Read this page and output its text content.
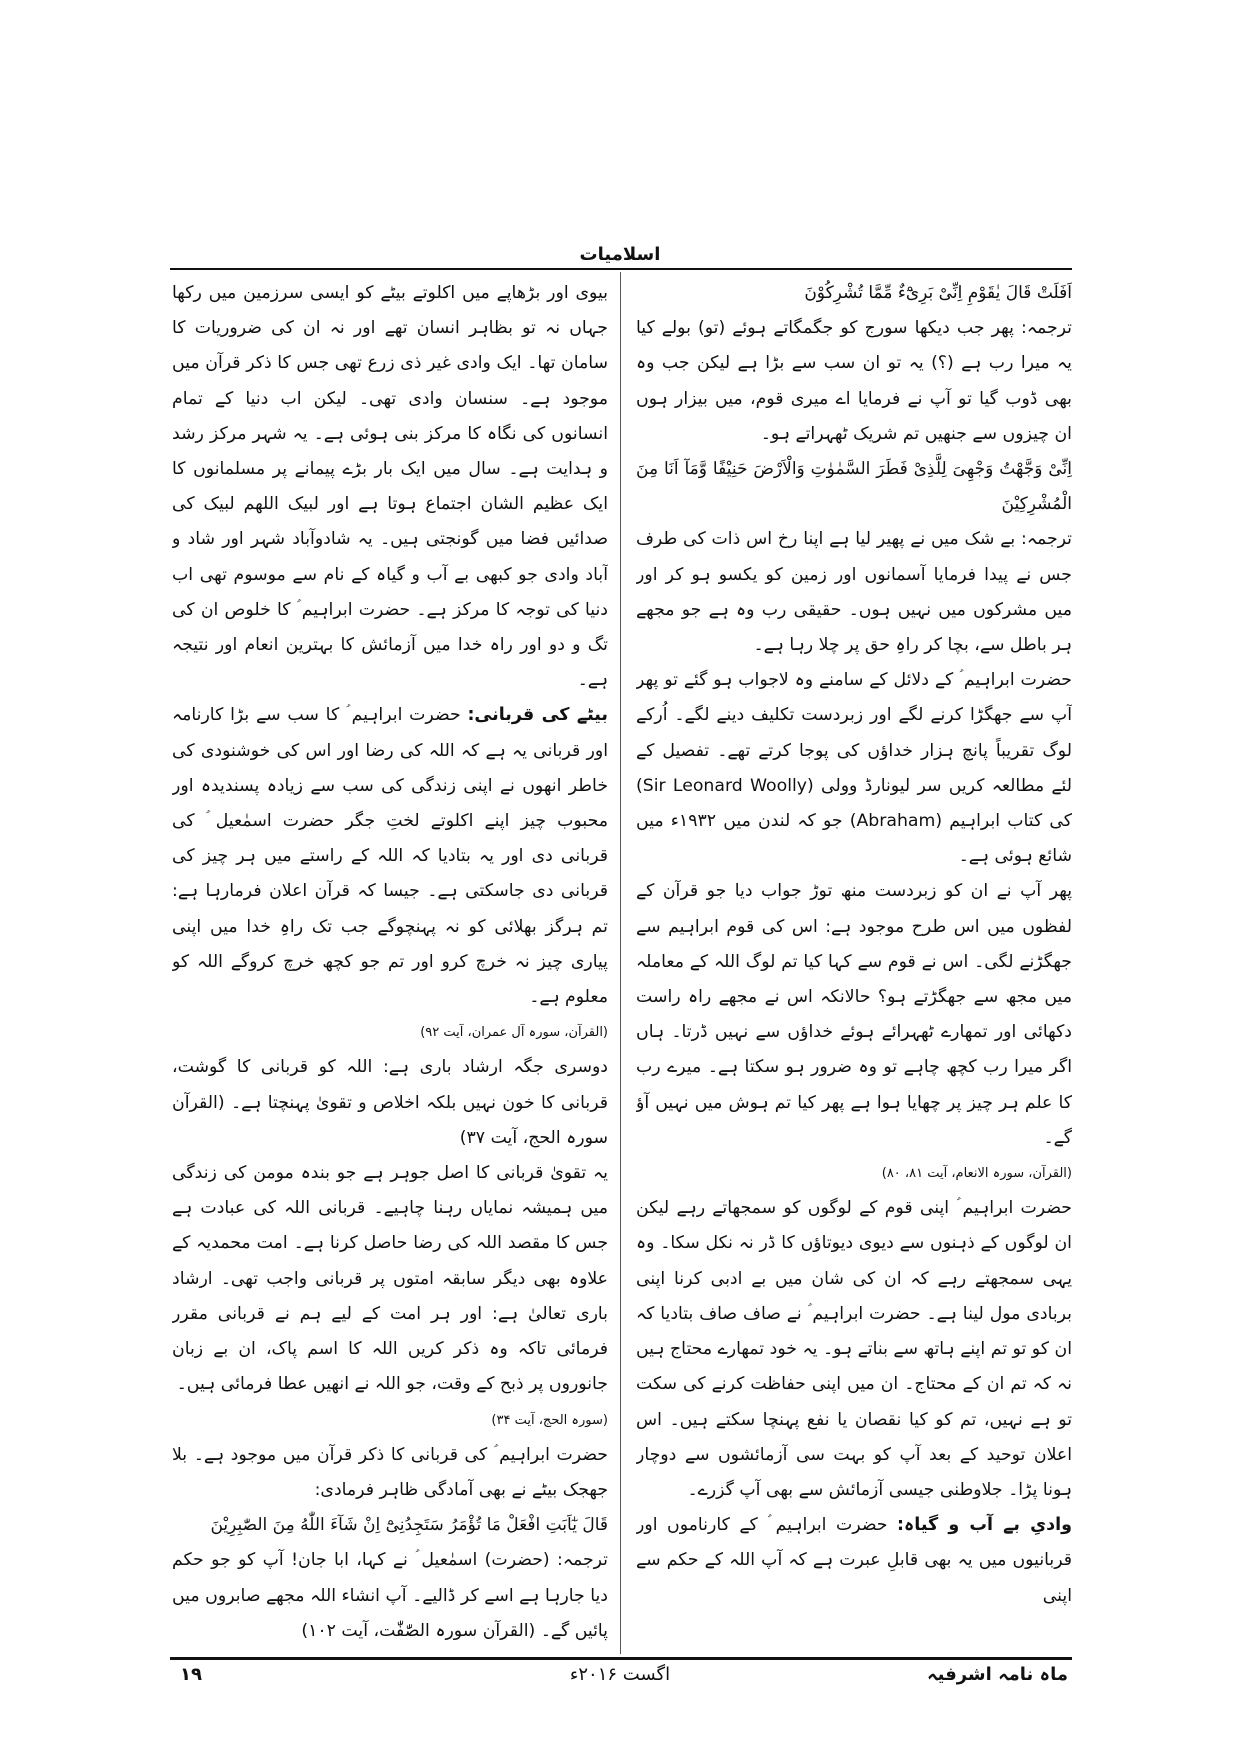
اسلامیات

اَفَلَتْ قَالَ یٰقَوْمِ اِنِّیْ بَرِیْٓءٌ مِّمَّا تُشْرِكُوْنَ

ترجمہ: پھر جب دیکھا سورج کو جگمگاتے ہوئے (تو) بولے کیا یہ میرا رب ہے (؟) یہ تو ان سب سے بڑا ہے لیکن جب وہ بھی ڈوب گیا تو آپ نے فرمایا اے میری قوم، میں بیزار ہوں ان چیزوں سے جنھیں تم شریک ٹھہراتے ہو۔

اِنِّیْ وَجَّهْتُ وَجْهِیَ لِلَّذِیْ فَطَرَ السَّمٰوٰتِ وَالْاَرْضَ حَنِیْفًا وَّمَآ اَنَا مِنَ الْمُشْرِكِیْنَ

ترجمہ: بے شک میں نے پھیر لیا ہے اپنا رخ اس ذات کی طرف جس نے پیدا فرمایا آسمانوں اور زمین کو یکسو ہو کر اور میں مشرکوں میں نہیں ہوں۔ حقیقی رب وہ ہے جو مجھے ہر باطل سے، بچا کر راہِ حق پر چلا رہا ہے۔

حضرت ابراہیم ؑ کے دلائل کے سامنے وہ لاجواب ہو گئے تو پھر آپ سے جھگڑا کرنے لگے اور زبردست تکلیف دینے لگے۔ اُرکے لوگ تقریباً پانچ ہزار خداؤں کی پوجا کرتے تھے۔ تفصیل کے لئے مطالعہ کریں سر لیونارڈ وولی (Sir Leonard Woolly) کی کتاب ابراہیم (Abraham) جو کہ لندن میں ۱۹۳۲ء میں شائع ہوئی ہے۔

پھر آپ نے ان کو زبردست منھ توڑ جواب دیا جو قرآن کے لفظوں میں اس طرح موجود ہے: اس کی قوم ابراہیم سے جھگڑنے لگی۔ اس نے قوم سے کہا کیا تم لوگ اللہ کے معاملہ میں مجھ سے جھگڑتے ہو؟ حالانکہ اس نے مجھے راہ راست دکھائی اور تمھارے ٹھہرائے ہوئے خداؤں سے نہیں ڈرتا۔ ہاں اگر میرا رب کچھ چاہے تو وہ ضرور ہو سکتا ہے۔ میرے رب کا علم ہر چیز پر چھایا ہوا ہے پھر کیا تم ہوش میں نہیں آؤ گے۔

(القرآن، سورہ الانعام، آیت ۸۱، ۸۰)

حضرت ابراہیم ؑ اپنی قوم کے لوگوں کو سمجھاتے رہے لیکن ان لوگوں کے ذہنوں سے دیوی دیوتاؤں کا ڈر نہ نکل سکا۔ وہ یہی سمجھتے رہے کہ ان کی شان میں بے ادبی کرنا اپنی بربادی مول لینا ہے۔ حضرت ابراہیم ؑ نے صاف صاف بتادیا کہ ان کو تو تم اپنے ہاتھ سے بناتے ہو۔ یہ خود تمھارے محتاج ہیں نہ کہ تم ان کے محتاج۔ ان میں اپنی حفاظت کرنے کی سکت تو ہے نہیں، تم کو کیا نقصان یا نفع پہنچا سکتے ہیں۔ اس اعلان توحید کے بعد آپ کو بہت سی آزمائشوں سے دوچار ہونا پڑا۔ جلاوطنی جیسی آزمائش سے بھی آپ گزرے۔

وادیِ بے آب و گیاہ: حضرت ابراہیم ؑ کے کارناموں اور قربانیوں میں یہ بھی قابلِ عبرت ہے کہ آپ اللہ کے حکم سے اپنی

بیوی اور بڑھاپے میں اکلوتے بیٹے کو ایسی سرزمین میں رکھا جہاں نہ تو بظاہر انسان تھے اور نہ ان کی ضروریات کا سامان تھا۔ ایک وادی غیر ذی زرع تھی جس کا ذکر قرآن میں موجود ہے۔ سنسان وادی تھی۔ لیکن اب دنیا کے تمام انسانوں کی نگاہ کا مرکز بنی ہوئی ہے۔ یہ شہر مرکز رشد و ہدایت ہے۔ سال میں ایک بار بڑے پیمانے پر مسلمانوں کا ایک عظیم الشان اجتماع ہوتا ہے اور لبیک اللھم لبیک کی صدائیں فضا میں گونجتی ہیں۔ یہ شادوآباد شہر اور شاد و آباد وادی جو کبھی بے آب و گیاہ کے نام سے موسوم تھی اب دنیا کی توجہ کا مرکز ہے۔ حضرت ابراہیم ؑ کا خلوص ان کی تگ و دو اور راہ خدا میں آزمائش کا بہترین انعام اور نتیجہ ہے۔

بیٹے کی قربانی: حضرت ابراہیم ؑ کا سب سے بڑا کارنامہ اور قربانی یہ ہے کہ اللہ کی رضا اور اس کی خوشنودی کی خاطر انھوں نے اپنی زندگی کی سب سے زیادہ پسندیدہ اور محبوب چیز اپنے اکلوتے لختِ جگر حضرت اسمٰعیل ؑ کی قربانی دی اور یہ بتادیا کہ اللہ کے راستے میں ہر چیز کی قربانی دی جاسکتی ہے۔ جیسا کہ قرآن اعلان فرمارہا ہے: تم ہرگز بھلائی کو نہ پہنچوگے جب تک راہِ خدا میں اپنی پیاری چیز نہ خرچ کرو اور تم جو کچھ خرچ کروگے اللہ کو معلوم ہے۔

(القرآن، سورہ آل عمران، آیت ۹۲)

دوسری جگہ ارشاد باری ہے: اللہ کو قربانی کا گوشت، قربانی کا خون نہیں بلکہ اخلاص و تقویٰ پہنچتا ہے۔ (القرآن سورہ الحج، آیت ۳۷)

یہ تقویٰ قربانی کا اصل جوہر ہے جو بندہ مومن کی زندگی میں ہمیشہ نمایاں رہنا چاہیے۔ قربانی اللہ کی عبادت ہے جس کا مقصد اللہ کی رضا حاصل کرنا ہے۔ امت محمدیہ کے علاوہ بھی دیگر سابقہ امتوں پر قربانی واجب تھی۔ ارشاد باری تعالیٰ ہے: اور ہر امت کے لیے ہم نے قربانی مقرر فرمائی تاکہ وہ ذکر کریں اللہ کا اسم پاک، ان بے زبان جانوروں پر ذبح کے وقت، جو اللہ نے انھیں عطا فرمائی ہیں۔

(سورہ الحج، آیت ۳۴)

حضرت ابراہیم ؑ کی قربانی کا ذکر قرآن میں موجود ہے۔ بلا جھجک بیٹے نے بھی آمادگی ظاہر فرمادی:

قَالَ یٰٓاَبَتِ افْعَلْ مَا تُؤْمَرُ سَتَجِدُنِیْٓ اِنْ شَآءَ اللّٰهُ مِنَ الصّٰبِرِیْنَ

ترجمہ: (حضرت) اسمٰعیل ؑ نے کہا، ابا جان! آپ کو جو حکم دیا جارہا ہے اسے کر ڈالیے۔ آپ انشاء اللہ مجھے صابروں میں پائیں گے۔ (القرآن سورہ الصّٰفّٰت، آیت ۱۰۲)

ماہ نامہ اشرفیہ
اگست ۲۰۱۶ء
۱۹
